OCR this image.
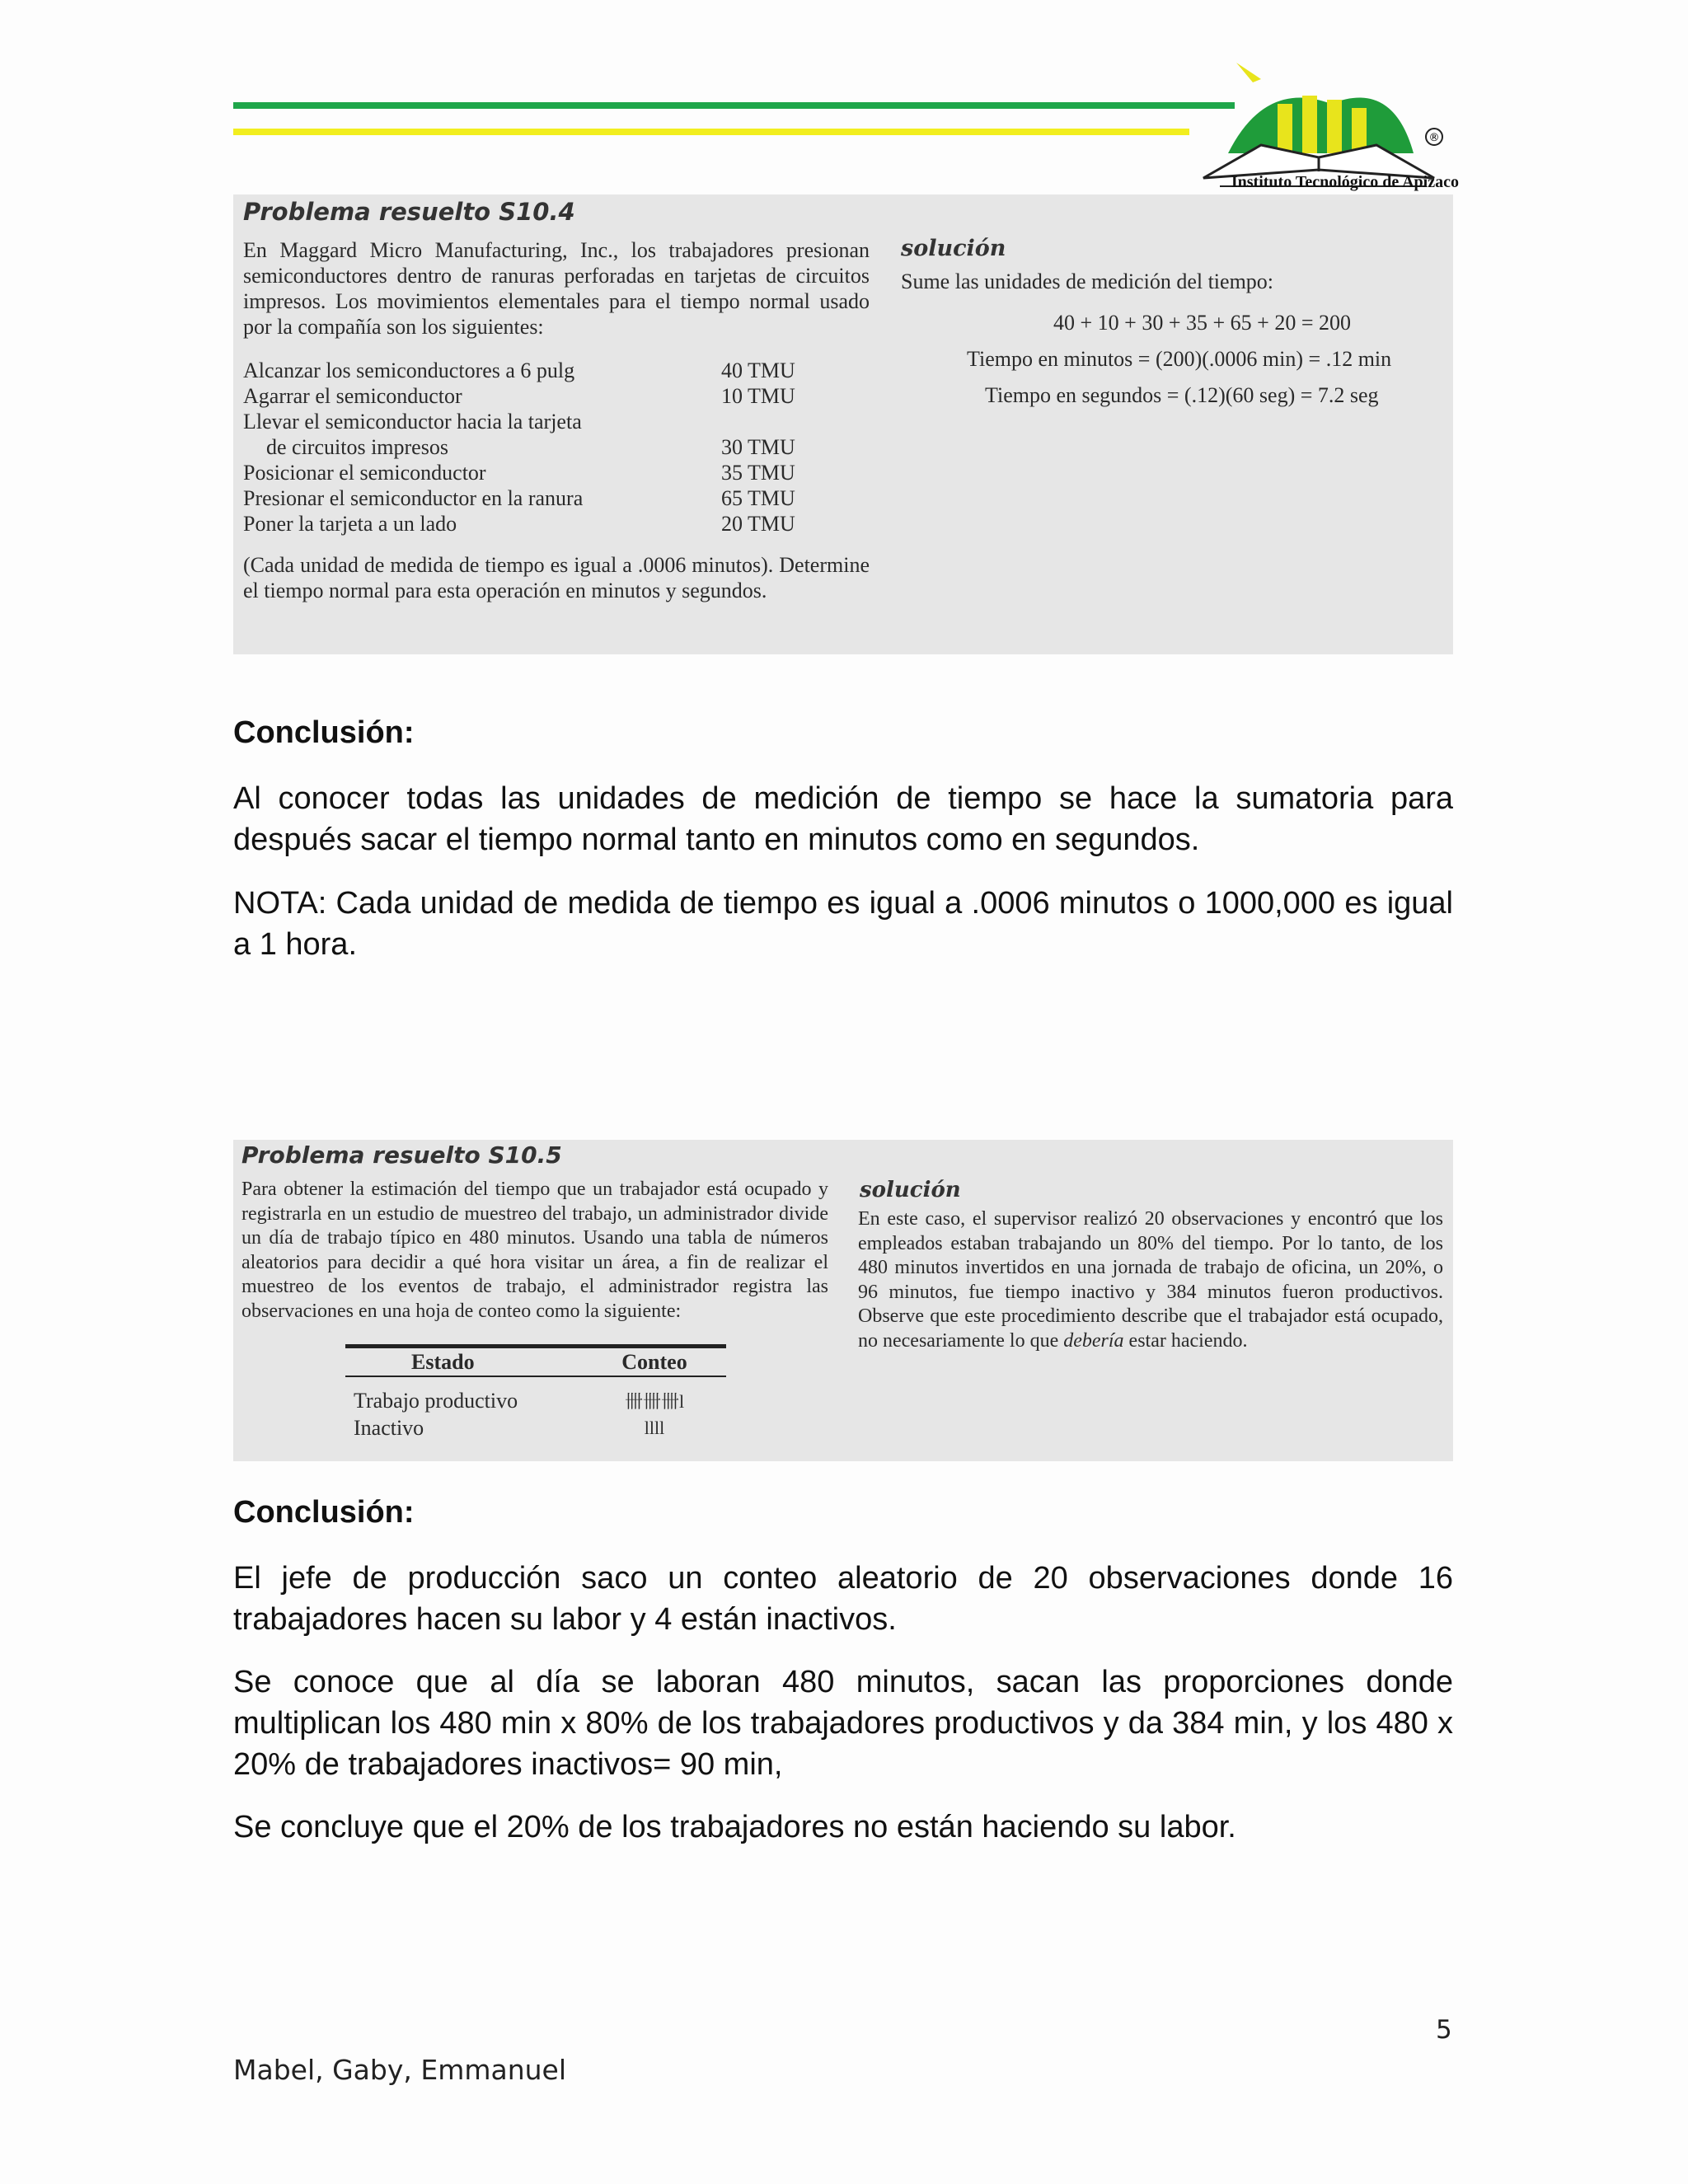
®
Instituto Tecnológico de Apizaco
Problema resuelto S10.4
En Maggard Micro Manufacturing, Inc., los trabajadores presionan semiconductores dentro de ranuras perforadas en tarjetas de circuitos impresos. Los movimientos elementales para el tiempo normal usado por la compañía son los siguientes:
Alcanzar los semiconductores a 6 pulg	40 TMU
Agarrar el semiconductor	10 TMU
Llevar el semiconductor hacia la tarjeta
de circuitos impresos	30 TMU
Posicionar el semiconductor	35 TMU
Presionar el semiconductor en la ranura	65 TMU
Poner la tarjeta a un lado	20 TMU
(Cada unidad de medida de tiempo es igual a .0006 minutos). Determine el tiempo normal para esta operación en minutos y segundos.
solución
Sume las unidades de medición del tiempo:
40 + 10 + 30 + 35 + 65 + 20 = 200
Tiempo en minutos = (200)(.0006 min) = .12 min
Tiempo en segundos = (.12)(60 seg) = 7.2 seg
Conclusión:
Al conocer todas las unidades de medición de tiempo se hace la sumatoria para después sacar el tiempo normal tanto en minutos como en segundos.
NOTA: Cada unidad de medida de tiempo es igual a .0006 minutos o 1000,000 es igual a 1 hora.
Problema resuelto S10.5
Para obtener la estimación del tiempo que un trabajador está ocupado y registrarla en un estudio de muestreo del trabajo, un administrador divide un día de trabajo típico en 480 minutos. Usando una tabla de números aleatorios para decidir a qué hora visitar un área, a fin de realizar el muestreo de los eventos de trabajo, el administrador registra las observaciones en una hoja de conteo como la siguiente:
Estado	Conteo
Trabajo productivo	卌卌卌l
Inactivo	llll
solución
En este caso, el supervisor realizó 20 observaciones y encontró que los empleados estaban trabajando un 80% del tiempo. Por lo tanto, de los 480 minutos invertidos en una jornada de trabajo de oficina, un 20%, o 96 minutos, fue tiempo inactivo y 384 minutos fueron productivos. Observe que este procedimiento describe que el trabajador está ocupado, no necesariamente lo que debería estar haciendo.
Conclusión:
El jefe de producción saco un conteo aleatorio de 20 observaciones donde 16 trabajadores hacen su labor y 4 están inactivos.
Se conoce que al día se laboran 480 minutos, sacan las proporciones donde multiplican los 480 min x 80% de los trabajadores productivos y da 384 min, y los 480 x 20% de trabajadores inactivos= 90 min,
Se concluye que el 20% de los trabajadores no están haciendo su labor.
5
Mabel, Gaby, Emmanuel
